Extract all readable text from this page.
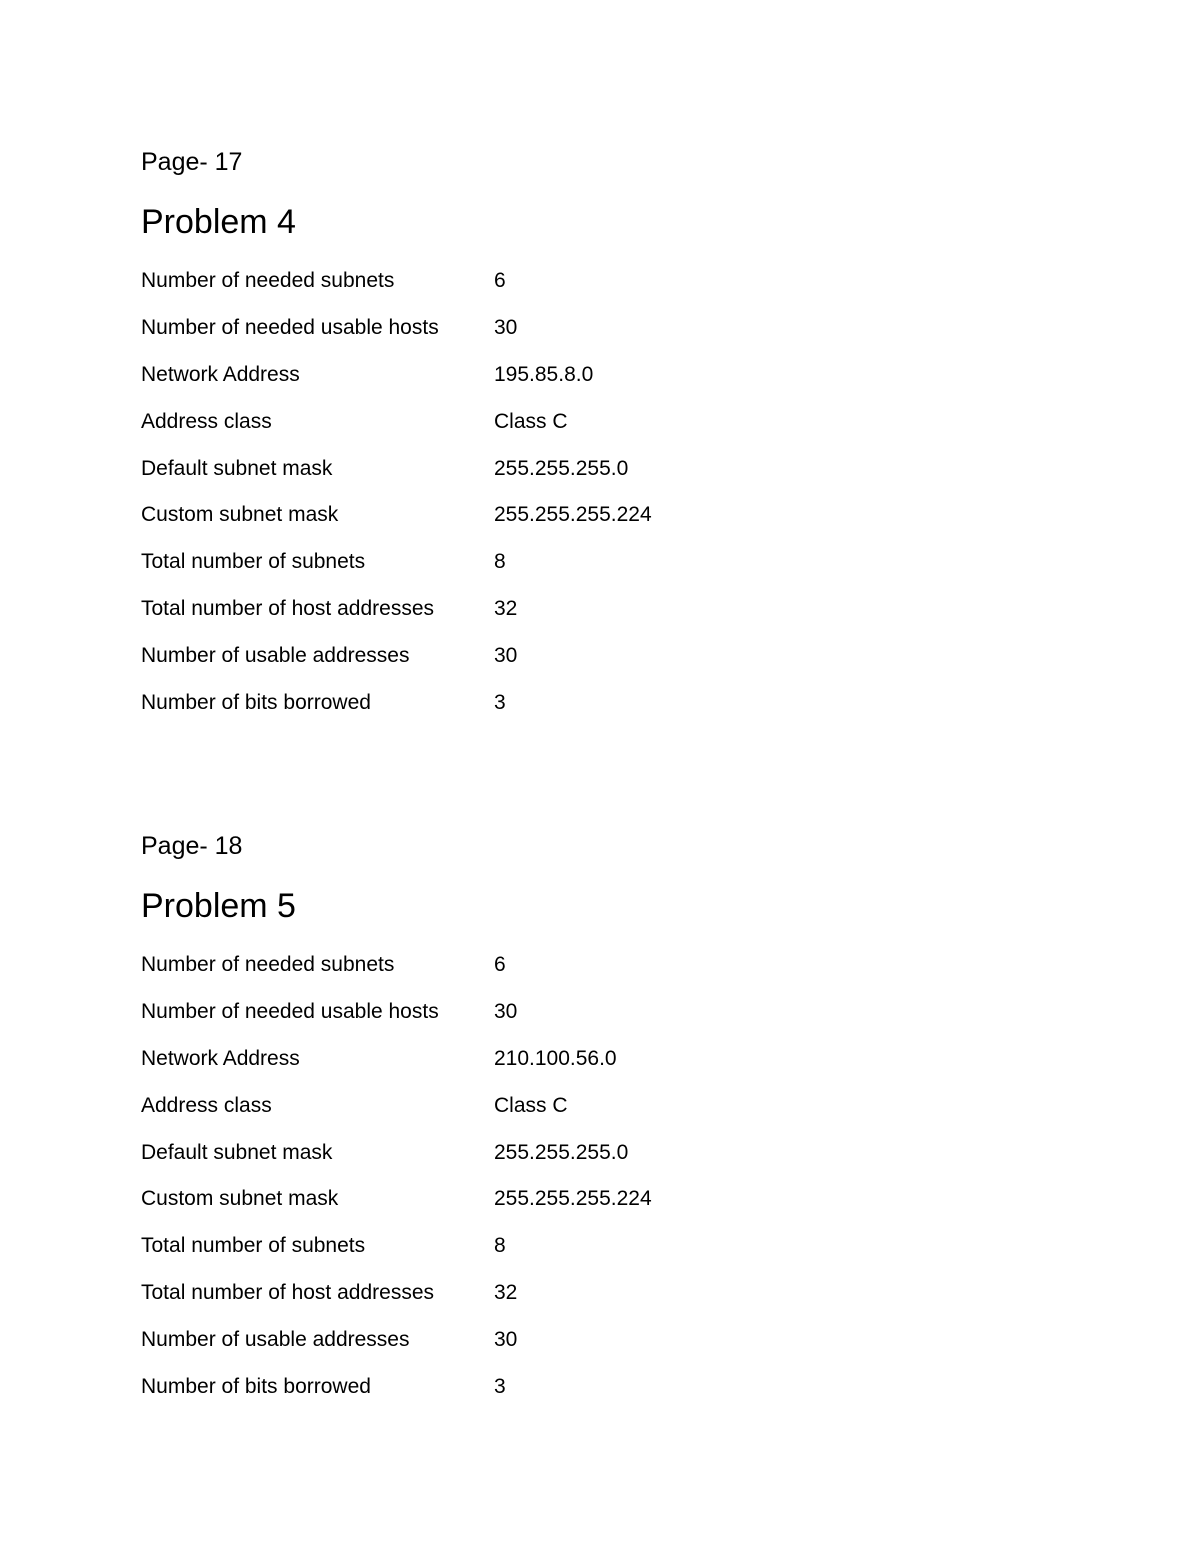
Page- 17
Problem 4
Number of needed subnets	6
Number of needed usable hosts	30
Network Address	195.85.8.0
Address class	Class C
Default subnet mask	255.255.255.0
Custom subnet mask	255.255.255.224
Total number of subnets	8
Total number of host addresses	32
Number of usable addresses	30
Number of bits borrowed	3
Page- 18
Problem 5
Number of needed subnets	6
Number of needed usable hosts	30
Network Address	210.100.56.0
Address class	Class C
Default subnet mask	255.255.255.0
Custom subnet mask	255.255.255.224
Total number of subnets	8
Total number of host addresses	32
Number of usable addresses	30
Number of bits borrowed	3
